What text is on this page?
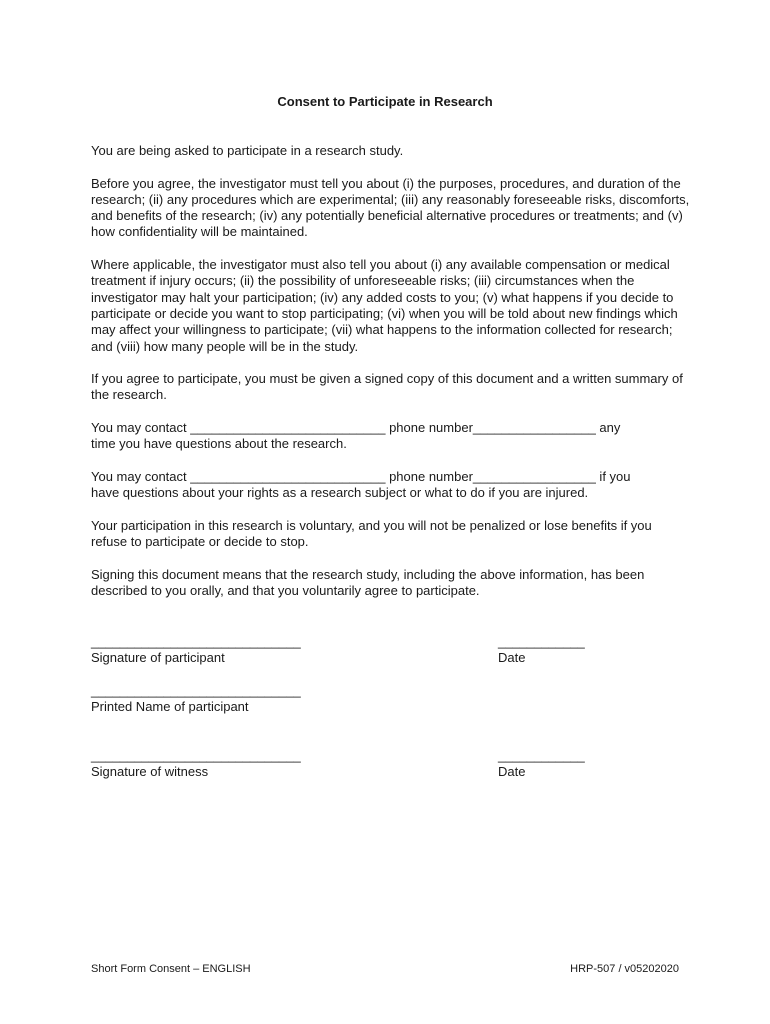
Consent to Participate in Research

You are being asked to participate in a research study.

Before you agree, the investigator must tell you about (i) the purposes, procedures, and duration of the research; (ii) any procedures which are experimental; (iii) any reasonably foreseeable risks, discomforts, and benefits of the research; (iv) any potentially beneficial alternative procedures or treatments; and (v) how confidentiality will be maintained.

Where applicable, the investigator must also tell you about (i) any available compensation or medical treatment if injury occurs; (ii) the possibility of unforeseeable risks; (iii) circumstances when the investigator may halt your participation; (iv) any added costs to you; (v) what happens if you decide to participate or decide you want to stop participating; (vi) when you will be told about new findings which may affect your willingness to participate; (vii) what happens to the information collected for research; and (viii) how many people will be in the study.

If you agree to participate, you must be given a signed copy of this document and a written summary of the research.

You may contact ___________________________ phone number_________________ any
time you have questions about the research.

You may contact ___________________________ phone number_________________ if you
have questions about your rights as a research subject or what to do if you are injured.

Your participation in this research is voluntary, and you will not be penalized or lose benefits if you refuse to participate or decide to stop.

Signing this document means that the research study, including the above information, has been described to you orally, and that you voluntarily agree to participate.

_____________________________
Signature of participant
____________
Date
_____________________________
Printed Name of participant
_____________________________
Signature of witness
____________
Date
Short Form Consent – ENGLISH	HRP-507 / v05202020
